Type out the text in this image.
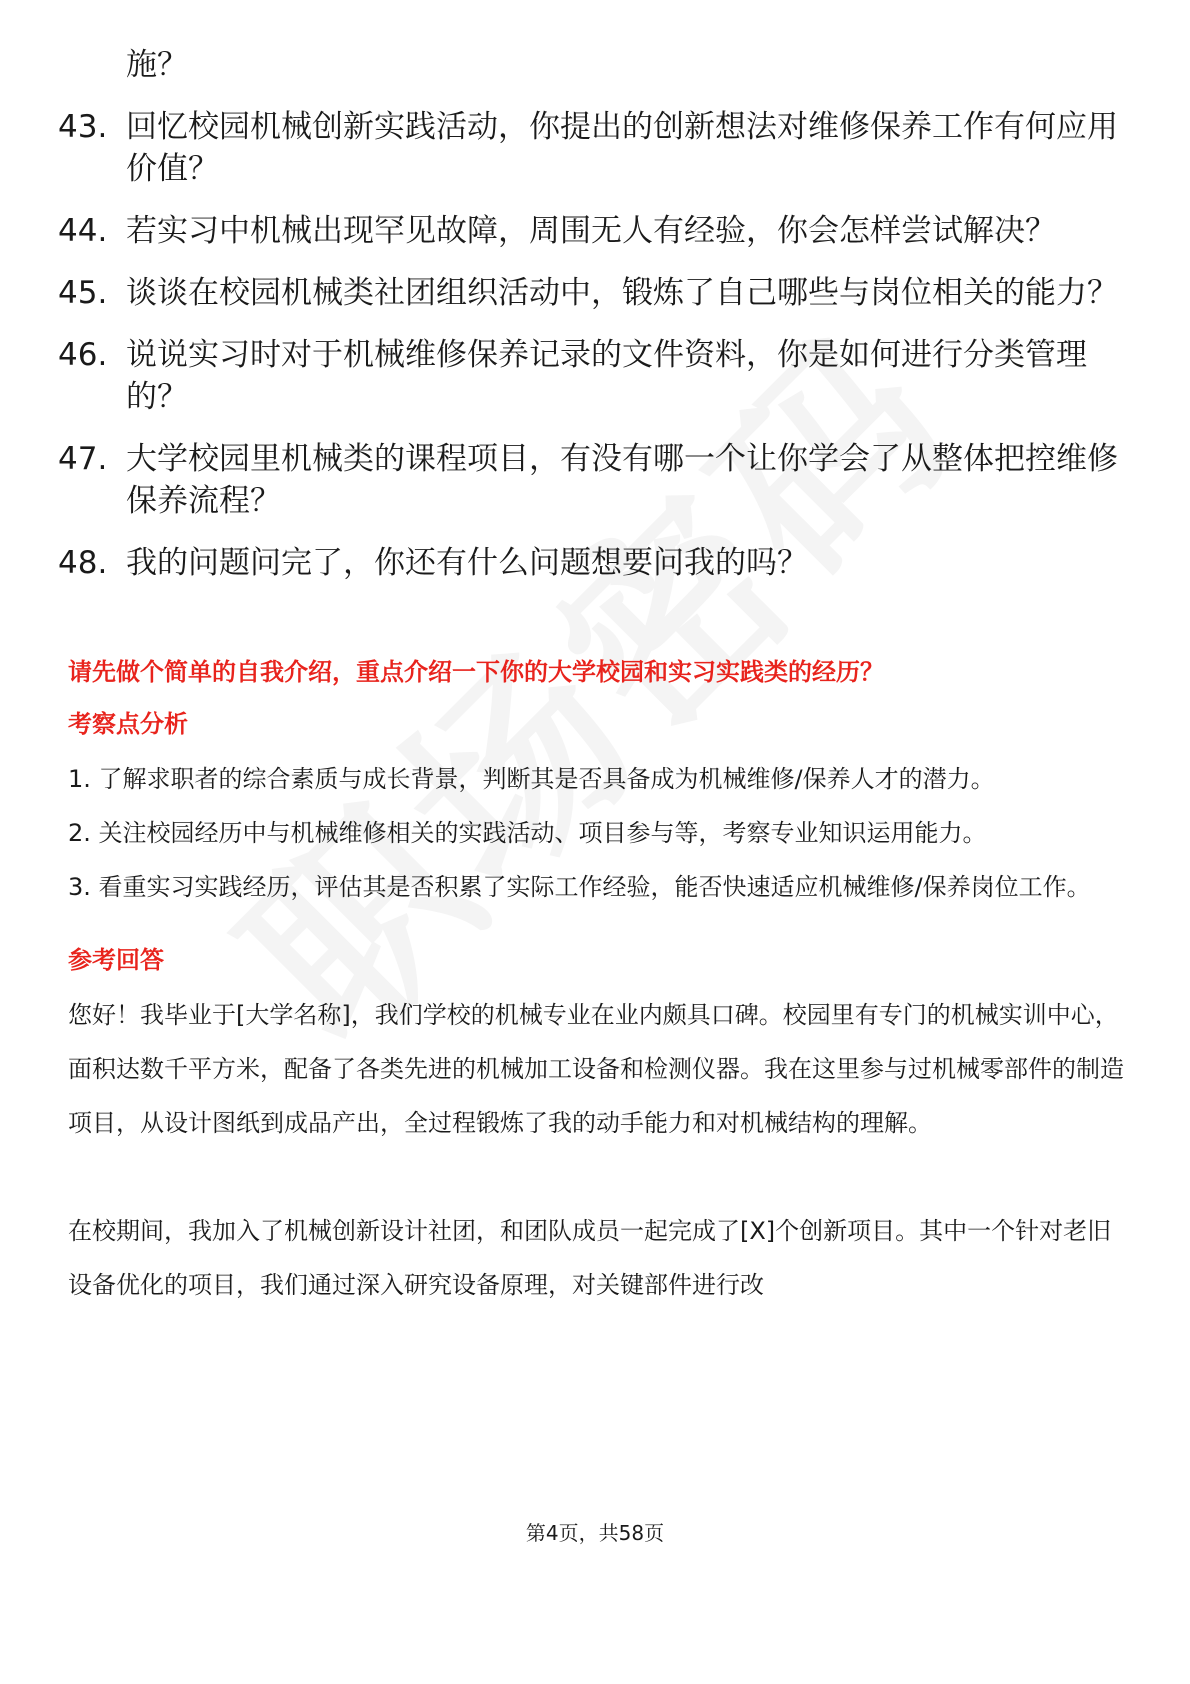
施？
43. 回忆校园机械创新实践活动，你提出的创新想法对维修保养工作有何应用价值？
44. 若实习中机械出现罕见故障，周围无人有经验，你会怎样尝试解决？
45. 谈谈在校园机械类社团组织活动中，锻炼了自己哪些与岗位相关的能力？
46. 说说实习时对于机械维修保养记录的文件资料，你是如何进行分类管理的？
47. 大学校园里机械类的课程项目，有没有哪一个让你学会了从整体把控维修保养流程？
48. 我的问题问完了，你还有什么问题想要问我的吗？

请先做个简单的自我介绍，重点介绍一下你的大学校园和实习实践类的经历？

考察点分析

1. 了解求职者的综合素质与成长背景，判断其是否具备成为机械维修/保养人才的潜力。

2. 关注校园经历中与机械维修相关的实践活动、项目参与等，考察专业知识运用能力。

3. 看重实习实践经历，评估其是否积累了实际工作经验，能否快速适应机械维修/保养岗位工作。

参考回答

您好！我毕业于[大学名称]，我们学校的机械专业在业内颇具口碑。校园里有专门的机械实训中心，面积达数千平方米，配备了各类先进的机械加工设备和检测仪器。我在这里参与过机械零部件的制造项目，从设计图纸到成品产出，全过程锻炼了我的动手能力和对机械结构的理解。

在校期间，我加入了机械创新设计社团，和团队成员一起完成了[X]个创新项目。其中一个针对老旧设备优化的项目，我们通过深入研究设备原理，对关键部件进行改

第4页，共58页
